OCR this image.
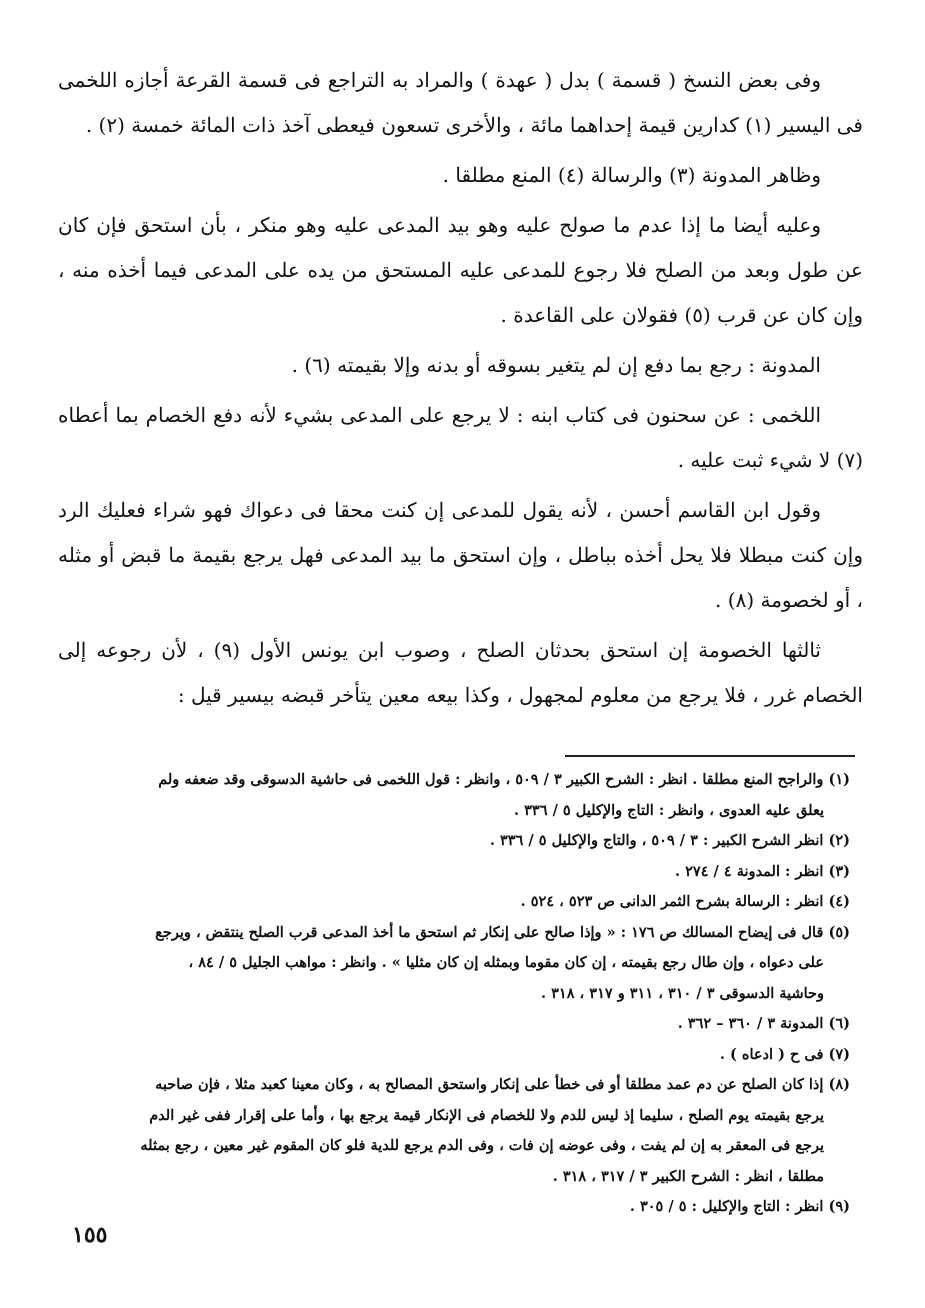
وفى بعض النسخ ( قسمة ) بدل ( عهدة ) والمراد به التراجع فى قسمة القرعة أجازه اللخمى فى اليسير (١) كدارين قيمة إحداهما مائة ، والأخرى تسعون فيعطى آخذ ذات المائة خمسة (٢) .

وظاهر المدونة (٣) والرسالة (٤) المنع مطلقا .

وعليه أيضا ما إذا عدم ما صولح عليه وهو بيد المدعى عليه وهو منكر ، بأن استحق فإن كان عن طول وبعد من الصلح فلا رجوع للمدعى عليه المستحق من يده على المدعى فيما أخذه منه ، وإن كان عن قرب (٥) فقولان على القاعدة .

المدونة : رجع بما دفع إن لم يتغير بسوقه أو بدنه وإلا بقيمته (٦) .

اللخمى : عن سحنون فى كتاب ابنه : لا يرجع على المدعى بشيء لأنه دفع الخصام بما أعطاه (٧) لا شيء ثبت عليه .

وقول ابن القاسم أحسن ، لأنه يقول للمدعى إن كنت محقا فى دعواك فهو شراء فعليك الرد وإن كنت مبطلا فلا يحل أخذه بباطل ، وإن استحق ما بيد المدعى فهل يرجع بقيمة ما قبض أو مثله ، أو لخصومة (٨) .

ثالثها الخصومة إن استحق بحدثان الصلح ، وصوب ابن يونس الأول (٩) ، لأن رجوعه إلى الخصام غرر ، فلا يرجع من معلوم لمجهول ، وكذا بيعه معين يتأخر قبضه بيسير قيل :

(١) والراجح المنع مطلقا . انظر : الشرح الكبير ٣ / ٥٠٩ ، وانظر : قول اللخمى فى حاشية الدسوقى وقد ضعفه ولم

يعلق عليه العدوى ، وانظر : التاج والإكليل ٥ / ٣٣٦ .

(٢) انظر الشرح الكبير : ٣ / ٥٠٩ ، والتاج والإكليل ٥ / ٣٣٦ .

(٣) انظر : المدونة ٤ / ٢٧٤ .

(٤) انظر : الرسالة بشرح الثمر الدانى ص ٥٢٣ ، ٥٢٤ .

(٥) قال فى إيضاح المسالك ص ١٧٦ : « وإذا صالح على إنكار ثم استحق ما أخذ المدعى قرب الصلح ينتقض ، ويرجع

على دعواه ، وإن طال رجع بقيمته ، إن كان مقوما وبمثله إن كان مثليا » . وانظر : مواهب الجليل ٥ / ٨٤ ،

وحاشية الدسوقى ٣ / ٣١٠ ، ٣١١ و ٣١٧ ، ٣١٨ .

(٦) المدونة ٣ / ٣٦٠ – ٣٦٢ .

(٧) فى ح ( ادعاه ) .

(٨) إذا كان الصلح عن دم عمد مطلقا أو فى خطأ على إنكار واستحق المصالح به ، وكان معينا كعبد مثلا ، فإن صاحبه

يرجع بقيمته يوم الصلح ، سليما إذ ليس للدم ولا للخصام فى الإنكار قيمة يرجع بها ، وأما على إقرار ففى غير الدم

يرجع فى المعقر به إن لم يفت ، وفى عوضه إن فات ، وفى الدم يرجع للدية فلو كان المقوم غير معين ، رجع بمثله

مطلقا ، انظر : الشرح الكبير ٣ / ٣١٧ ، ٣١٨ .

(٩) انظر : التاج والإكليل : ٥ / ٣٠٥ .

١٥٥
